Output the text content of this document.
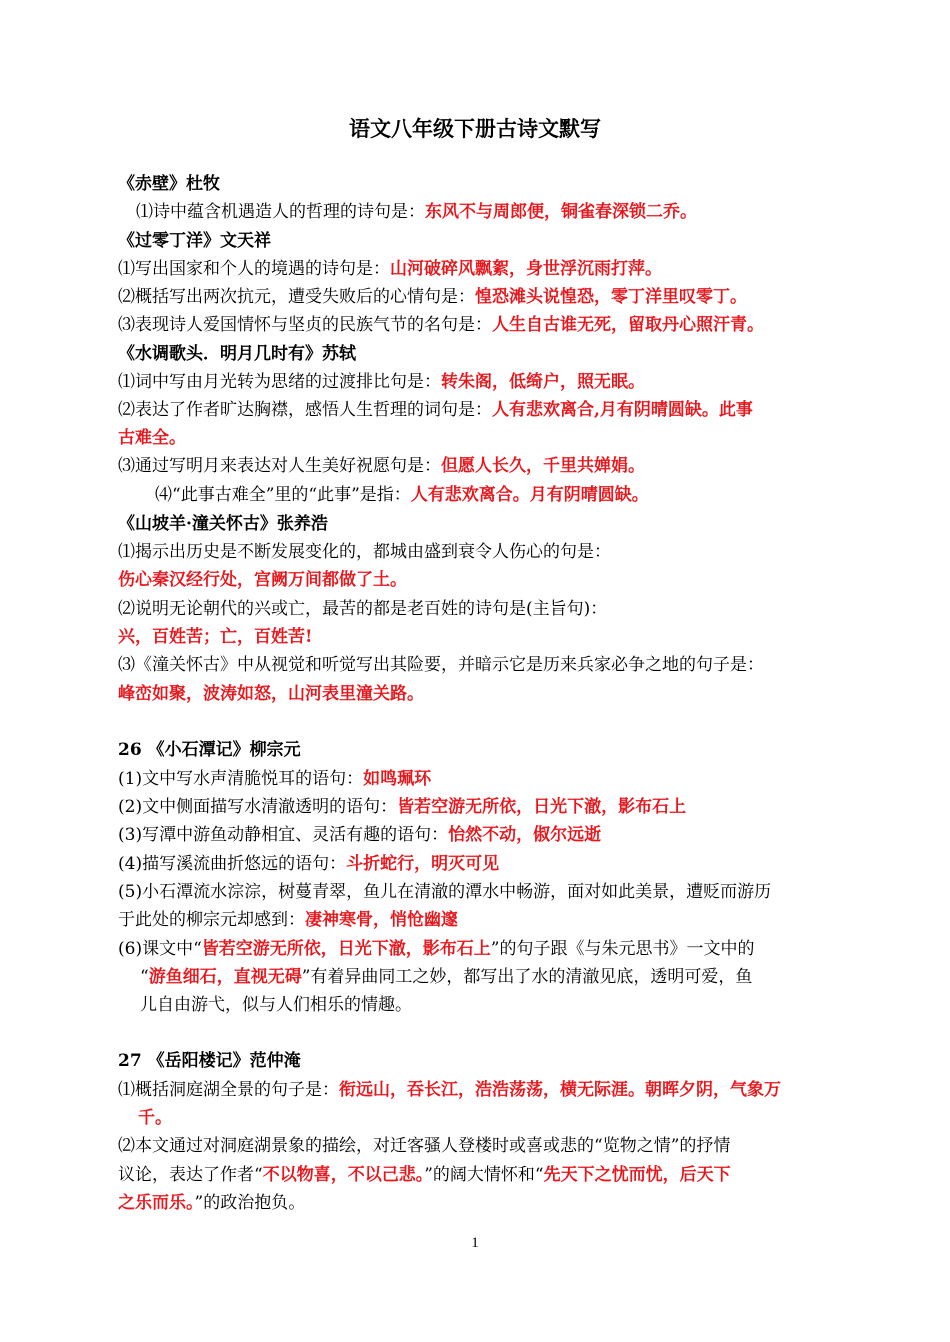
语文八年级下册古诗文默写
《赤壁》杜牧
⑴诗中蕴含机遇造人的哲理的诗句是：东风不与周郎便，铜雀春深锁二乔。
《过零丁洋》文天祥
⑴写出国家和个人的境遇的诗句是：山河破碎风飘絮，身世浮沉雨打萍。
⑵概括写出两次抗元，遭受失败后的心情句是：惶恐滩头说惶恐，零丁洋里叹零丁。
⑶表现诗人爱国情怀与坚贞的民族气节的名句是：人生自古谁无死，留取丹心照汗青。
《水调歌头．明月几时有》苏轼
⑴词中写由月光转为思绪的过渡排比句是：转朱阁，低绮户，照无眠。
⑵表达了作者旷达胸襟，感悟人生哲理的词句是：人有悲欢离合,月有阴晴圆缺。此事
古难全。
⑶通过写明月来表达对人生美好祝愿句是：但愿人长久，千里共婵娟。
⑷“此事古难全”里的“此事”是指：人有悲欢离合。月有阴晴圆缺。
《山坡羊·潼关怀古》张养浩
⑴揭示出历史是不断发展变化的，都城由盛到衰令人伤心的句是：
伤心秦汉经行处，宫阙万间都做了土。
⑵说明无论朝代的兴或亡，最苦的都是老百姓的诗句是(主旨句)：
兴，百姓苦；亡，百姓苦!
⑶《潼关怀古》中从视觉和听觉写出其险要，并暗示它是历来兵家必争之地的句子是：
峰峦如聚，波涛如怒，山河表里潼关路。
26 《小石潭记》柳宗元
(1)文中写水声清脆悦耳的语句：如鸣珮环
(2)文中侧面描写水清澈透明的语句：皆若空游无所依，日光下澈，影布石上
(3)写潭中游鱼动静相宜、灵活有趣的语句：怡然不动，俶尔远逝
(4)描写溪流曲折悠远的语句：斗折蛇行，明灭可见
(5)小石潭流水淙淙，树蔓青翠，鱼儿在清澈的潭水中畅游，面对如此美景，遭贬而游历
于此处的柳宗元却感到：凄神寒骨，悄怆幽邃
(6)课文中“皆若空游无所依，日光下澈，影布石上”的句子跟《与朱元思书》一文中的
“游鱼细石，直视无碍”有着异曲同工之妙，都写出了水的清澈见底，透明可爱，鱼
儿自由游弋，似与人们相乐的情趣。
27 《岳阳楼记》范仲淹
⑴概括洞庭湖全景的句子是：衔远山，吞长江，浩浩荡荡，横无际涯。朝晖夕阴，气象万
千。
⑵本文通过对洞庭湖景象的描绘，对迁客骚人登楼时或喜或悲的“览物之情”的抒情
议论，表达了作者“不以物喜，不以己悲。”的阔大情怀和“先天下之忧而忧，后天下
之乐而乐。”的政治抱负。
1
